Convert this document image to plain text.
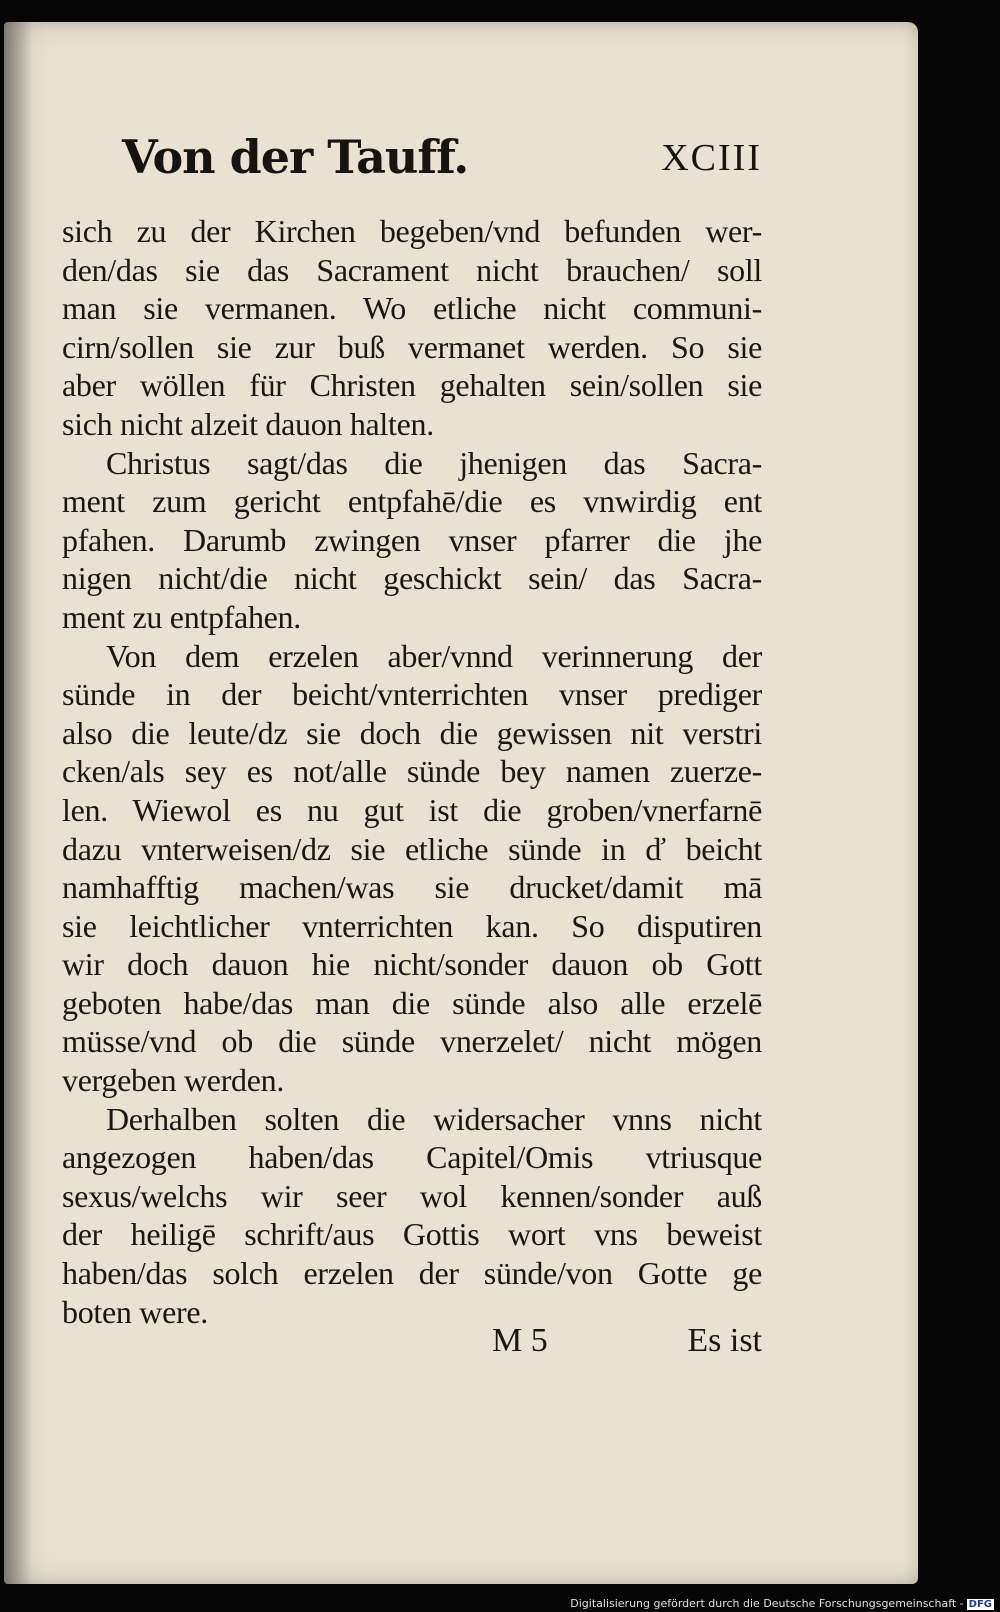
Von der Tauff.	XCIII
sich zu der Kirchen begeben/vnd befunden wer-
den/das sie das Sacrament nicht brauchen/ soll
man sie vermanen. Wo etliche nicht communi-
cirn/sollen sie zur buß vermanet werden. So sie
aber wöllen für Christen gehalten sein/sollen sie
sich nicht alzeit dauon halten.
Christus sagt/das die jhenigen das Sacra-
ment zum gericht entpfahē/die es vnwirdig ent
pfahen. Darumb zwingen vnser pfarrer die jhe
nigen nicht/die nicht geschickt sein/ das Sacra-
ment zu entpfahen.
Von dem erzelen aber/vnnd verinnerung der
sünde in der beicht/vnterrichten vnser prediger
also die leute/dz sie doch die gewissen nit verstri
cken/als sey es not/alle sünde bey namen zuerze-
len. Wiewol es nu gut ist die groben/vnerfarnē
dazu vnterweisen/dz sie etliche sünde in ď beicht
namhafftig machen/was sie drucket/damit mā
sie leichtlicher vnterrichten kan. So disputiren
wir doch dauon hie nicht/sonder dauon ob Gott
geboten habe/das man die sünde also alle erzelē
müsse/vnd ob die sünde vnerzelet/ nicht mögen
vergeben werden.
Derhalben solten die widersacher vnns nicht
angezogen haben/das Capitel/Omis vtriusque
sexus/welchs wir seer wol kennen/sonder auß
der heiligē schrift/aus Gottis wort vns beweist
haben/das solch erzelen der sünde/von Gotte ge
boten were.
M 5	Es ist
Digitalisierung gefördert durch die Deutsche Forschungsgemeinschaft - DFG
